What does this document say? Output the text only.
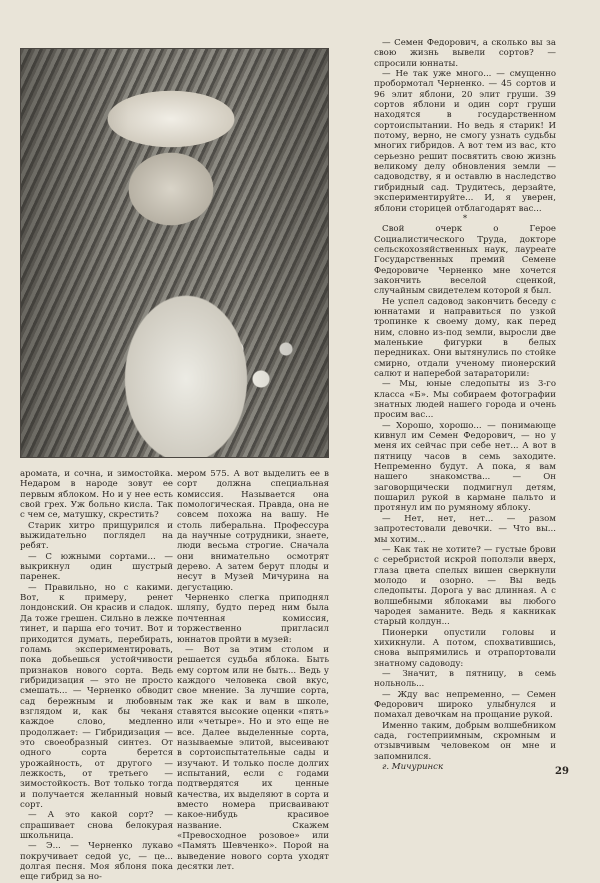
аромата, и сочна, и зимостойка. Недаром в народе зовут ее первым яблоком. Но и у нее есть свой грех. Уж больно кисла. Так с чем се, матушку, скрестить?

Старик хитро прищурился и выжидательно поглядел на ребят.

— С южными сортами... — выкрикнул один шустрый паренек.

— Правильно, но с какими. Вот, к примеру, ренет лондонский. Он красив и сладок. Да тоже грешен. Сильно в лежке тинет, и парша его точит. Вот и приходится думать, перебирать, голамь экспериментировать, пока добьешься устойчивости признаков нового сорта. Ведь гибридизация — это не просто смешать... — Черненко обводит сад бережным и любовным взглядом и, как бы чеканя каждое слово, медленно продолжает: — Гибридизация — это своеобразный синтез. От одного сорта берется урожайность, от другого — лежкость, от третьего — зимостойкость. Вот только тогда и получается желанный новый сорт.

— А это какой сорт? — спрашивает снова белокурая школьница.

— Э... — Черненко лукаво покручивает седой ус, — це... долгая песня. Моя яблоня пока еще гибрид за но-

мером 575. А вот выделить ее в сорт должна специальная комиссия. Называется она помологическая. Правда, она не совсем похожа на вашу. Не столь либеральна. Профессура да научные сотрудники, знаете, люди весьма строгие. Сначала они внимательно осмотрят дерево. А затем берут плоды и несут в Музей Мичуринa на дегустацию.

Черненко слегка приподнял шляпу, будто перед ним была почтенная комиссия, торжественно пригласил юннатов пройти в музей:

— Вот за этим столом и решается судьба яблока. Быть ему сортом или не быть... Ведь у каждого человека свой вкус, свое мнение. За лучшие сорта, так же как и вам в школе, ставятся высокие оценки «пять» или «четыре». Но и это еще не все. Далее выделенные сорта, называемые элитой, высеивают в сортоиспытательные сады и изучают. И только после долгих испытаний, если с годами подтвердятся их ценные качества, их выделяют в сорта и вместо номера присваивают какое-нибудь красивое название. Скажем «Превосходное розовое» или «Память Шевченко». Порой на выведение нового сорта уходят десятки лет.

— Семен Федорович, а сколько вы за свою жизнь вывели сортов? — спросили юннаты.

— Не так уже много... — смущенно пробормотал Черненко. — 45 сортов и 96 элит яблони, 20 элит груши. 39 сортов яблони и один сорт груши находятся в государственном сортоиспытании. Но ведь я старик! И потому, верно, не смогу узнать судьбы многих гибридов. А вот тем из вас, кто серьезно решит посвятить свою жизнь великому делу обновления земли — садоводству, я и оставлю в наследство гибридный сад. Трудитесь, дерзайте, экспериментируйте... И, я уверен, яблони сторицей отблагодарят вас...

*

Свой очерк о Герое Социалистического Труда, докторе сельскохозяйственных наук, лауреате Государственных премий Семене Федоровиче Черненко мне хочется закончить веселой сценкой, случайным свидетелем которой я был.

Не успел садовод закончить беседу с юннатами и направиться по узкой тропинке к своему дому, как перед ним, словно из-под земли, выросли две маленькие фигурки в белых передниках. Они вытянулись по стойке смирно, отдали ученому пионерский салют и наперебой затараторили:

— Мы, юные следопыты из 3-го класса «Б». Мы собираем фотографии знатных людей нашего города и очень просим вас...

— Хорошо, хорошо... — понимающе кивнул им Семен Федорович, — но у меня их сейчас при себе нет... А вот в пятницу часов в семь заходите. Непременно будут. А пока, я вам нашего знакомства... — Он заговорщически подмигнул детям, пошарил рукой в кармане пальто и протянул им по румяному яблоку.

— Нет, нет, нет... — разом запротестовали девочки. — Что вы... мы хотим...

— Как так не хотите? — густые брови с серебристой искрой пополэли вверх, глаза цвета спелых вишен сверкнули молодо и озорно. — Вы ведь следопыты. Дорога у вас длинная. А с волшебными яблоками вы любого чародея заманите. Ведь я какникак старый колдун...

Пионерки опустили головы и хихикнули. А потом, спохватившись, снова выпрямились и отрапортовали знатному садоводу:

— Значит, в пятницу, в семь нольноль...

— Жду вас непременно, — Семен Федорович широко улыбнулся и помахал девочкам на прощание рукой.

Именно таким, добрым волшебником сада, гостеприимным, скромным и отзывчивым человеком он мне и запомнился.

г. Мичуринск	29
